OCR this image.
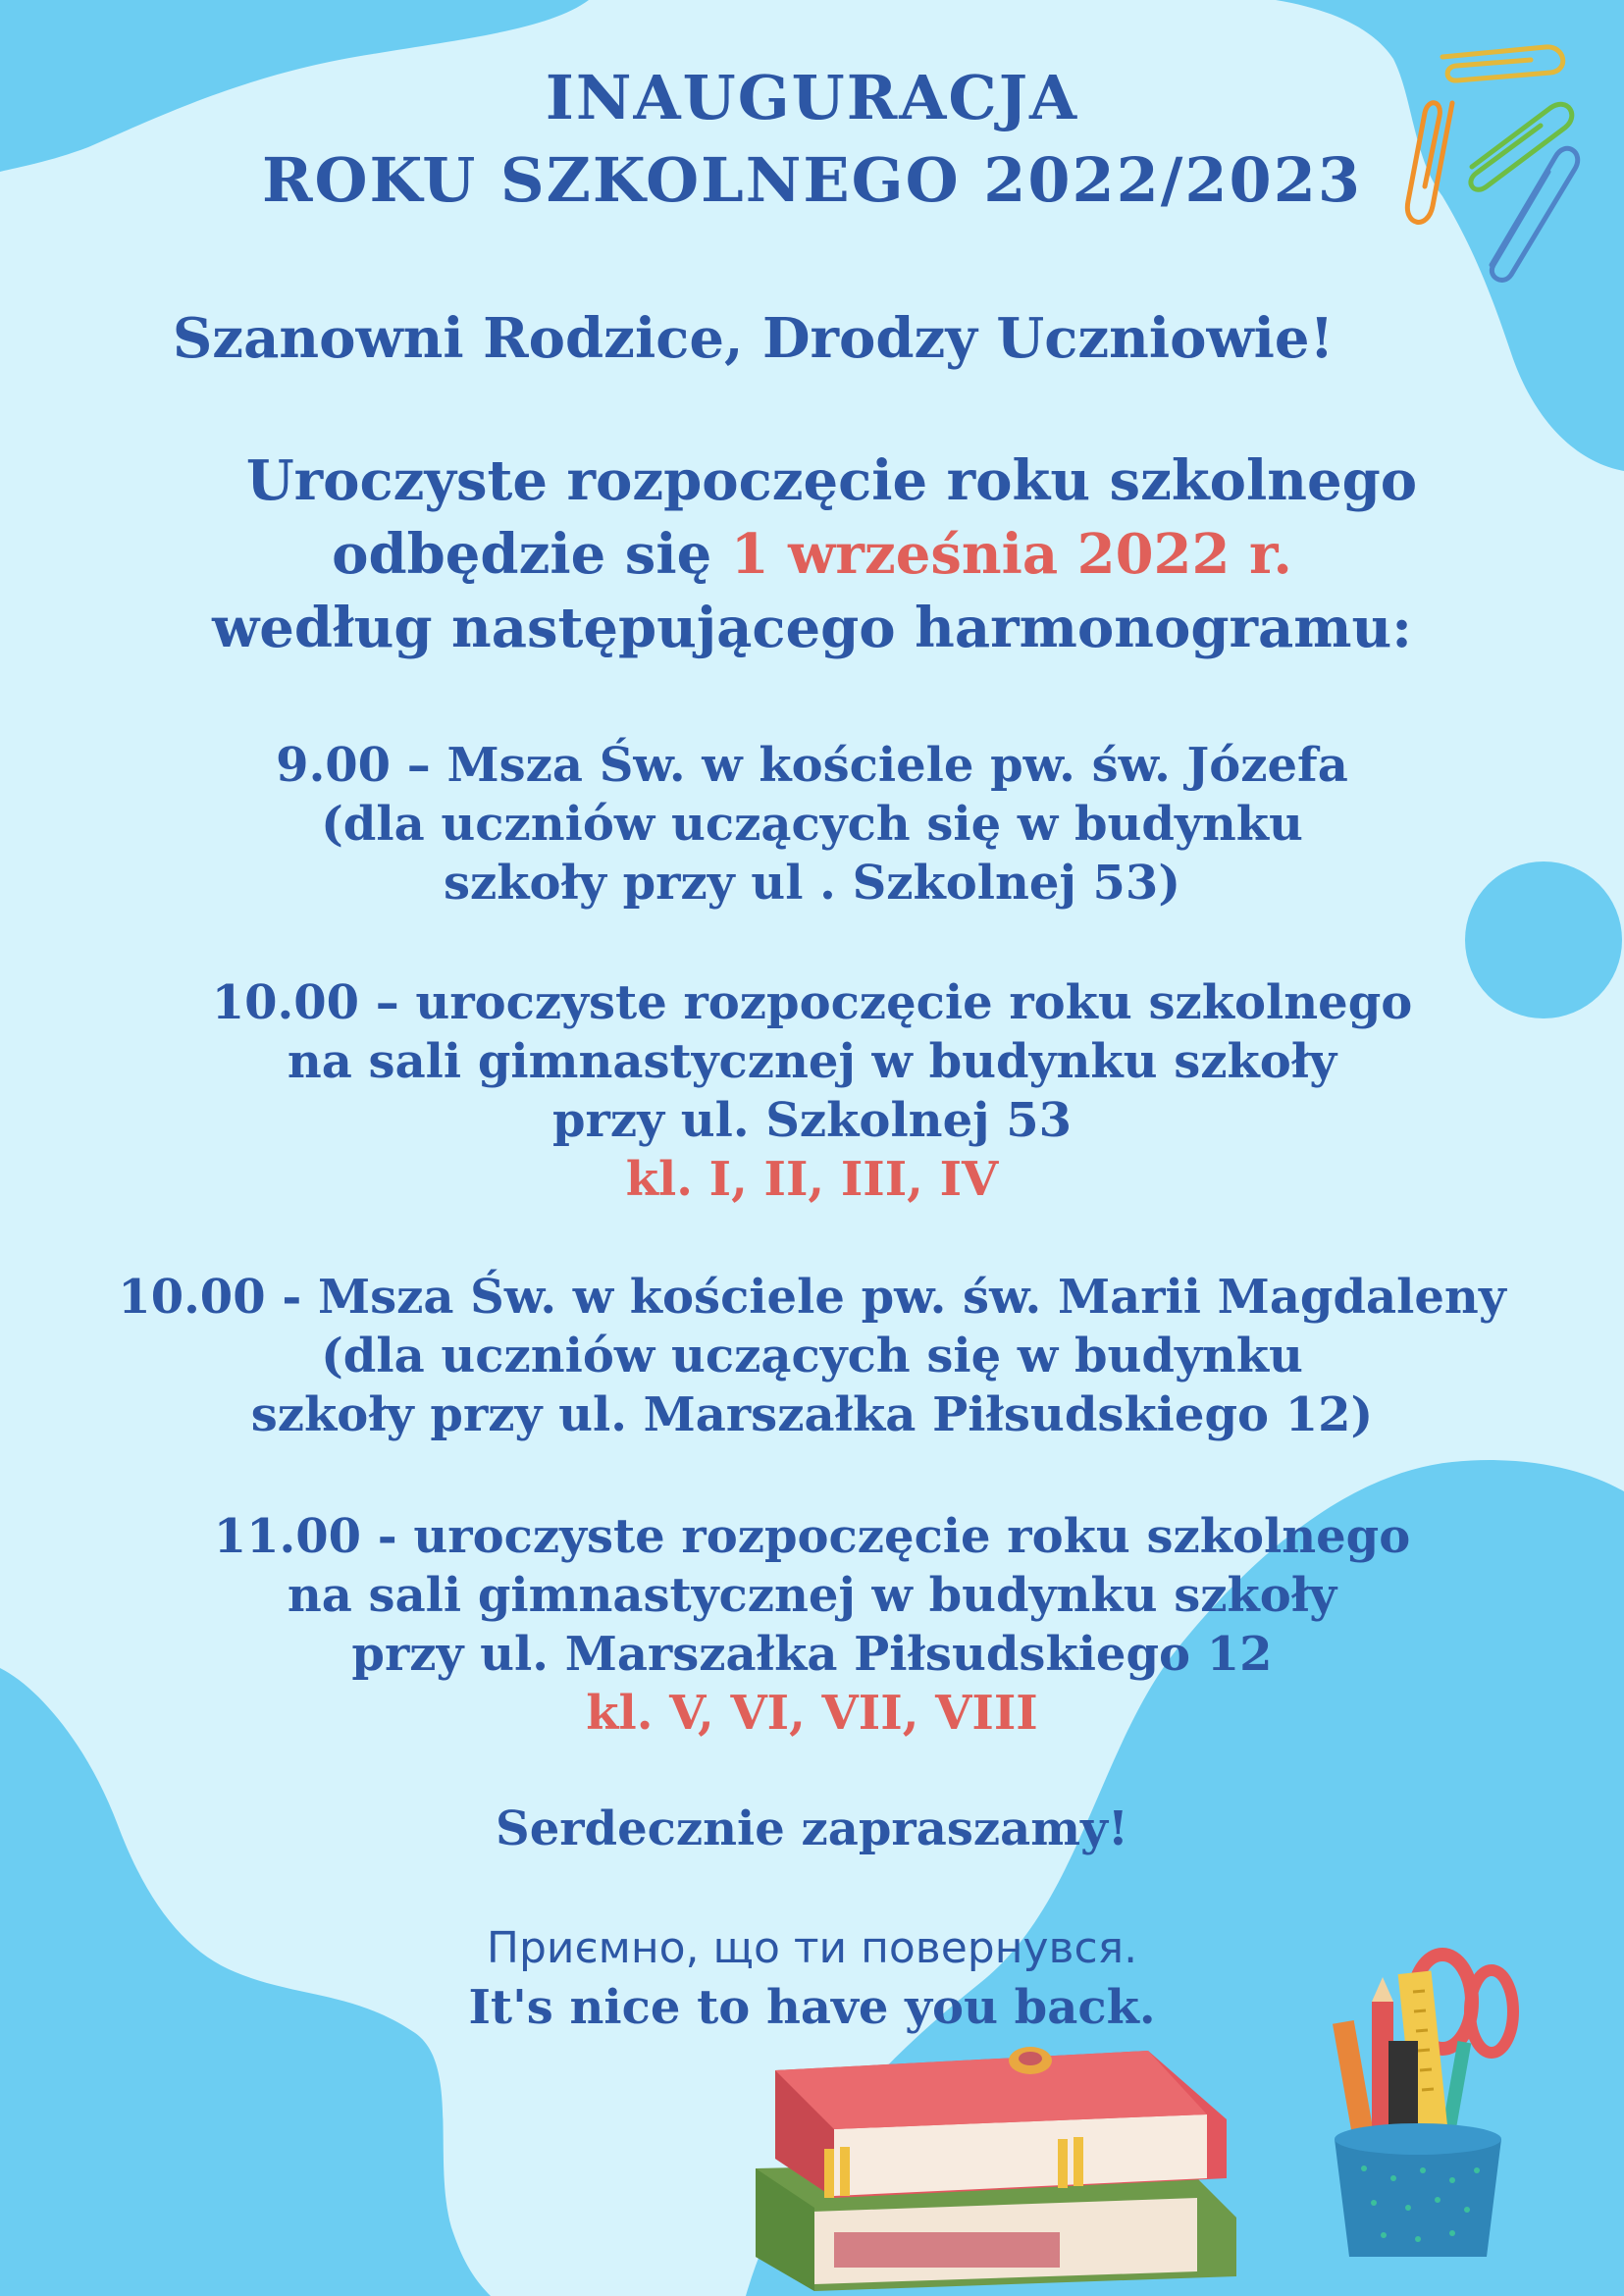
INAUGURACJA
ROKU SZKOLNEGO 2022/2023
Szanowni Rodzice, Drodzy Uczniowie!
Uroczyste rozpoczęcie roku szkolnego
odbędzie się 1 września 2022 r.
według następującego harmonogramu:
9.00 – Msza Św. w kościele pw. św. Józefa
(dla uczniów uczących się w budynku
szkoły przy ul . Szkolnej 53)
10.00 – uroczyste rozpoczęcie roku szkolnego
na sali gimnastycznej w budynku szkoły
przy ul. Szkolnej 53
kl. I, II, III, IV
10.00 - Msza Św. w kościele pw. św. Marii Magdaleny
(dla uczniów uczących się w budynku
szkoły przy ul. Marszałka Piłsudskiego 12)
11.00 - uroczyste rozpoczęcie roku szkolnego
na sali gimnastycznej w budynku szkoły
przy ul. Marszałka Piłsudskiego 12
kl. V, VI, VII, VIII
Serdecznie zapraszamy!
Приємно, що ти повернувся.
It's nice to have you back.
